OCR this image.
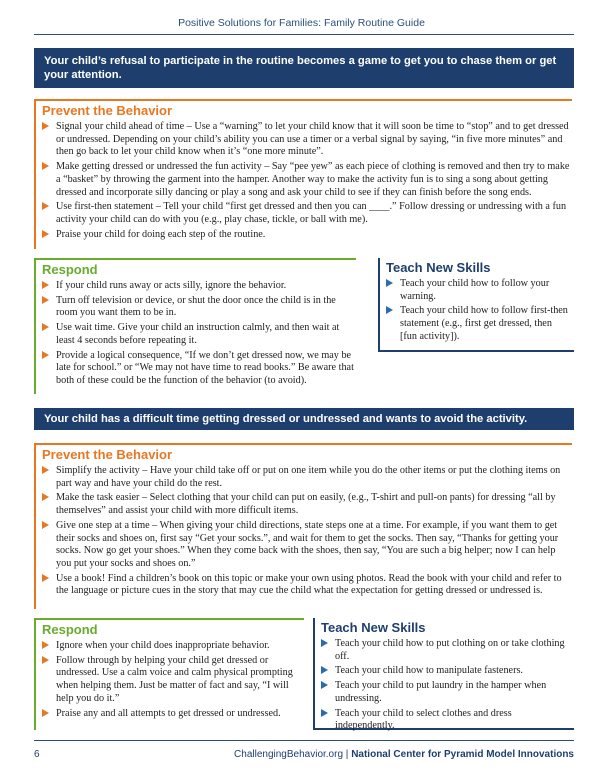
Positive Solutions for Families: Family Routine Guide
Your child’s refusal to participate in the routine becomes a game to get you to chase them or get your attention.
Prevent the Behavior
Signal your child ahead of time – Use a “warning” to let your child know that it will soon be time to “stop” and to get dressed or undressed. Depending on your child’s ability you can use a timer or a verbal signal by saying, “in five more minutes” and then go back to let your child know when it’s “one more minute”.
Make getting dressed or undressed the fun activity – Say “pee yew” as each piece of clothing is removed and then try to make a “basket” by throwing the garment into the hamper. Another way to make the activity fun is to sing a song about getting dressed and incorporate silly dancing or play a song and ask your child to see if they can finish before the song ends.
Use first-then statement – Tell your child “first get dressed and then you can ____.” Follow dressing or undressing with a fun activity your child can do with you (e.g., play chase, tickle, or ball with me).
Praise your child for doing each step of the routine.
Respond
If your child runs away or acts silly, ignore the behavior.
Turn off television or device, or shut the door once the child is in the room you want them to be in.
Use wait time. Give your child an instruction calmly, and then wait at least 4 seconds before repeating it.
Provide a logical consequence, “If we don’t get dressed now, we may be late for school.” or “We may not have time to read books.” Be aware that both of these could be the function of the behavior (to avoid).
Teach New Skills
Teach your child how to follow your warning.
Teach your child how to follow first-then statement (e.g., first get dressed, then [fun activity]).
Your child has a difficult time getting dressed or undressed and wants to avoid the activity.
Prevent the Behavior
Simplify the activity – Have your child take off or put on one item while you do the other items or put the clothing items on part way and have your child do the rest.
Make the task easier – Select clothing that your child can put on easily, (e.g., T-shirt and pull-on pants) for dressing “all by themselves” and assist your child with more difficult items.
Give one step at a time – When giving your child directions, state steps one at a time. For example, if you want them to get their socks and shoes on, first say “Get your socks.”, and wait for them to get the socks. Then say, “Thanks for getting your socks. Now go get your shoes.” When they come back with the shoes, then say, “You are such a big helper; now I can help you put your socks and shoes on.”
Use a book! Find a children’s book on this topic or make your own using photos. Read the book with your child and refer to the language or picture cues in the story that may cue the child what the expectation for getting dressed or undressed is.
Respond
Ignore when your child does inappropriate behavior.
Follow through by helping your child get dressed or undressed. Use a calm voice and calm physical prompting when helping them. Just be matter of fact and say, “I will help you do it.”
Praise any and all attempts to get dressed or undressed.
Teach New Skills
Teach your child how to put clothing on or take clothing off.
Teach your child how to manipulate fasteners.
Teach your child to put laundry in the hamper when undressing.
Teach your child to select clothes and dress independently.
6	ChallengingBehavior.org | National Center for Pyramid Model Innovations
